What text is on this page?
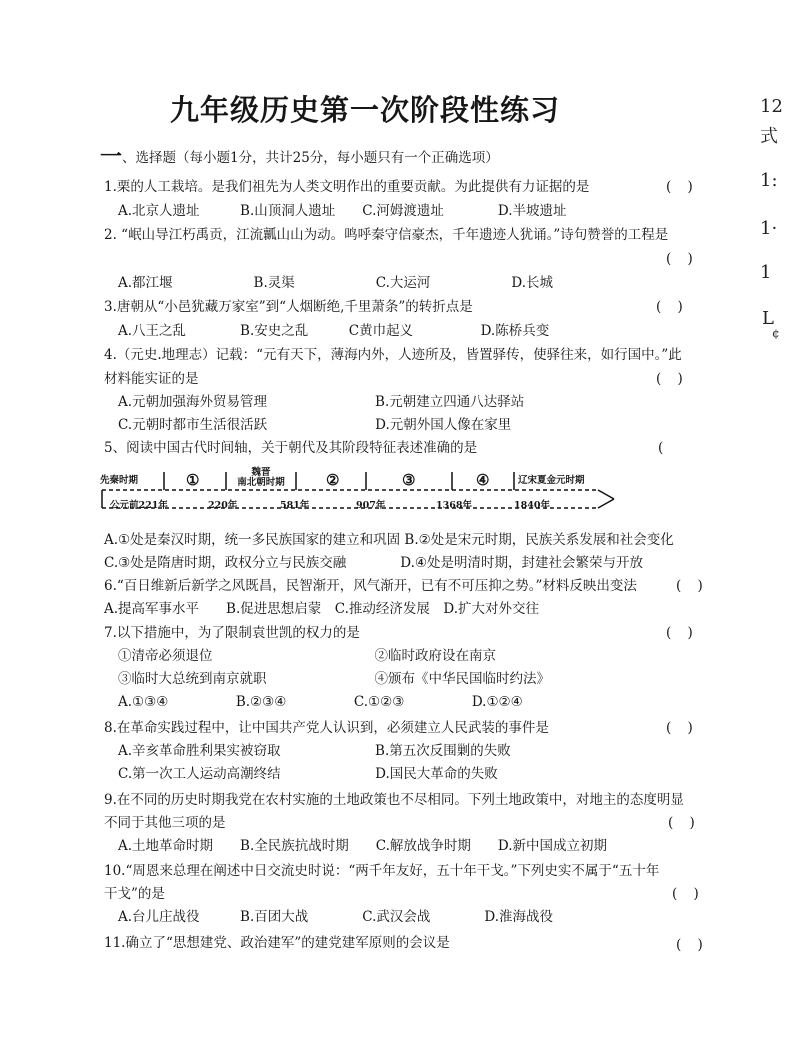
九年级历史第一次阶段性练习	12
式
1:
1·
1
L
¢
一、选择题（每小题1分，共计25分，每小题只有一个正确选项）
1.栗的人工栽培。是我们祖先为人类文明作出的重要贡献。为此提供有力证据的是	( )
A.北京人遗址　　　B.山顶洞人遗址　　C.河姆渡遗址　　　　D.半坡遗址
2. “岷山导江朽禹贡，江流瓤山山为动。鸣呼秦守信豪杰，千年遗迹人犹诵。”诗句赞誉的工程是
( )
A.都江堰　　　　　　B.灵渠　　　　　　C.大运河　　　　　　D.长城
3.唐朝从“小邑犹藏万家室”到“人烟断绝,千里萧条”的转折点是	( )
A.八王之乱　　　　B.安史之乱　　　C黄巾起义　　　　　D.陈桥兵变
4.（元史.地理志）记载：“元有天下，薄海内外，人迹所及，皆置驿传，使驿往来，如行国中。”此
材料能实证的是	( )
A.元朝加强海外贸易管理　　　　　　　　B.元朝建立四通八达驿站
C.元朝时都市生活很活跃　　　　　　　　D.元朝外国人像在家里
5、阅读中国古代时间轴，关于朝代及其阶段特征表述准确的是	(
先秦时期
魏晋
南北朝时期	辽宋夏金元时期
①	②	③	④
公元前221年	220年	581年	907年	1368年	1840年
A.①处是秦汉时期，统一多民族国家的建立和巩固 B.②处是宋元时期，民族关系发展和社会变化
C.③处是隋唐时期，政权分立与民族交融　　　　D.④处是明清时期，封建社会繁荣与开放
6.“百日维新后新学之风既昌，民智渐开，风气渐开，已有不可压抑之势。”材料反映出变法	( )
A.提高军事水平　　B.促进思想启蒙　C.推动经济发展　D.扩大对外交往
7.以下措施中，为了限制袁世凯的权力的是	( )
①清帝必须退位　　　　　　　　　　　　②临时政府设在南京
③临时大总统到南京就职　　　　　　　　④颁布《中华民国临时约法》
A.①③④　　　　　B.②③④　　　　　C.①②③　　　　　D.①②④
8.在革命实践过程中，让中国共产党人认识到，必须建立人民武装的事件是	( )
A.辛亥革命胜利果实被窃取　　　　　　　B.第五次反围剿的失败
C.第一次工人运动高潮终结　　　　　　　D.国民大革命的失败
9.在不同的历史时期我党在农村实施的土地政策也不尽相同。下列土地政策中，对地主的态度明显
不同于其他三项的是	( )
A.土地革命时期　　B.全民族抗战时期　　C.解放战争时期　　D.新中国成立初期
10.“周恩来总理在阐述中日交流史时说：“两千年友好，五十年干戈。”下列史实不属于“五十年
干戈”的是	( )
A.台儿庄战役　　　B.百团大战　　　　C.武汉会战　　　　D.淮海战役
11.确立了“思想建党、政治建军”的建党建军原则的会议是	( )
